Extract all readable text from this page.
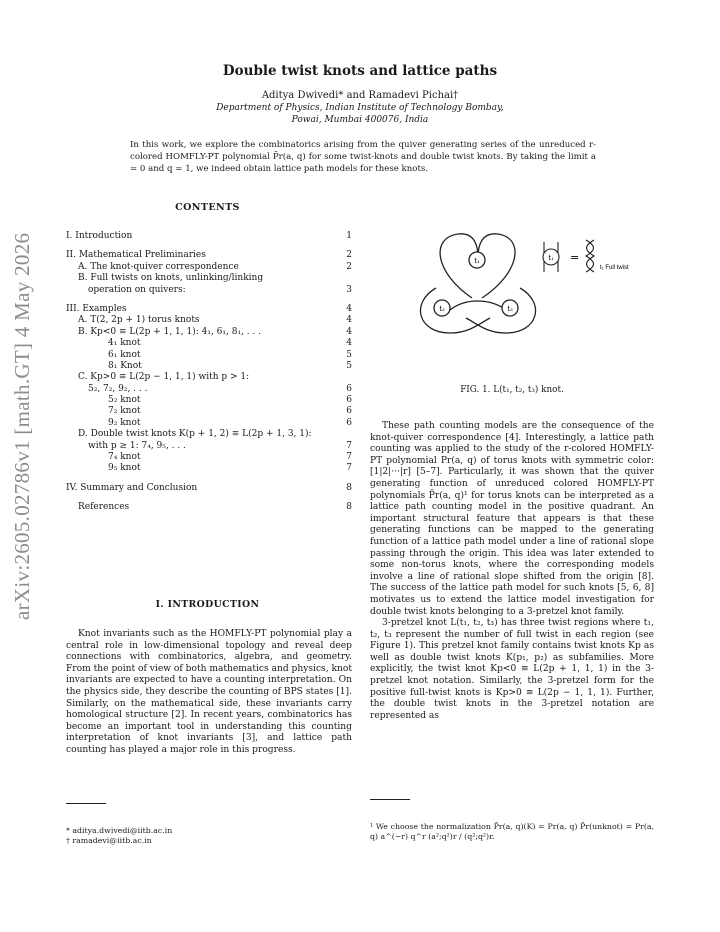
arXiv:2605.02786v1 [math.GT] 4 May 2026
Double twist knots and lattice paths
Aditya Dwivedi* and Ramadevi Pichai†
Department of Physics, Indian Institute of Technology Bombay,
Powai, Mumbai 400076, India
In this work, we explore the combinatorics arising from the quiver generating series of the unreduced r-colored HOMFLY-PT polynomial P̄r(a, q) for some twist-knots and double twist knots. By taking the limit a = 0 and q = 1, we indeed obtain lattice path models for these knots.
CONTENTS
I. Introduction	1
II. Mathematical Preliminaries	2
A. The knot-quiver correspondence	2
B. Full twists on knots, unlinking/linking
operation on quivers:	3
III. Examples	4
A. T(2, 2p + 1) torus knots	4
B. Kp<0 ≡ L(2p + 1, 1, 1): 4₁, 6₁, 8₁, . . .	4
4₁ knot	4
6₁ knot	5
8₁ Knot	5
C. Kp>0 ≡ L(2p − 1, 1, 1) with p > 1:
5₂, 7₂, 9₂, . . .	6
5₂ knot	6
7₂ knot	6
9₂ knot	6
D. Double twist knots K(p + 1, 2) ≡ L(2p + 1, 3, 1):
with p ≥ 1: 7₄, 9₅, . . .	7
7₄ knot	7
9₅ knot	7
IV. Summary and Conclusion	8
References	8
I. INTRODUCTION

Knot invariants such as the HOMFLY-PT polynomial play a central role in low-dimensional topology and reveal deep connections with combinatorics, algebra, and geometry. From the point of view of both mathematics and physics, knot invariants are expected to have a counting interpretation. On the physics side, they describe the counting of BPS states [1]. Similarly, on the mathematical side, these invariants carry homological structure [2]. In recent years, combinatorics has become an important tool in understanding this counting interpretation of knot invariants [3], and lattice path counting has played a major role in this progress.

* aditya.dwivedi@iitb.ac.in
† ramadevi@iitb.ac.in
t₁
t₂	t₃
t₁ =
t₁ Full twist
FIG. 1. L(t₁, t₂, t₃) knot.

These path counting models are the consequence of the knot-quiver correspondence [4]. Interestingly, a lattice path counting was applied to the study of the r-colored HOMFLY-PT polynomial Pr(a, q) of torus knots with symmetric color: [1|2|···|r] [5–7]. Particularly, it was shown that the quiver generating function of unreduced colored HOMFLY-PT polynomials P̄r(a, q)¹ for torus knots can be interpreted as a lattice path counting model in the positive quadrant. An important structural feature that appears is that these generating functions can be mapped to the generating function of a lattice path model under a line of rational slope passing through the origin. This idea was later extended to some non-torus knots, where the corresponding models involve a line of rational slope shifted from the origin [8]. The success of the lattice path model for such knots [5, 6, 8] motivates us to extend the lattice model investigation for double twist knots belonging to a 3-pretzel knot family.

3-pretzel knot L(t₁, t₂, t₃) has three twist regions where t₁, t₂, t₃ represent the number of full twist in each region (see Figure 1). This pretzel knot family contains twist knots Kp as well as double twist knots K(p₁, p₂) as subfamilies. More explicitly, the twist knot Kp<0 ≡ L(2p + 1, 1, 1) in the 3-pretzel knot notation. Similarly, the 3-pretzel form for the positive full-twist knots is Kp>0 ≡ L(2p − 1, 1, 1). Further, the double twist knots in the 3-pretzel notation are represented as

¹ We choose the normalization P̄r(a, q)(K) = Pr(a, q) P̄r(unknot) = Pr(a, q) a^(−r) q^r (a²;q²)r / (q²;q²)r.
